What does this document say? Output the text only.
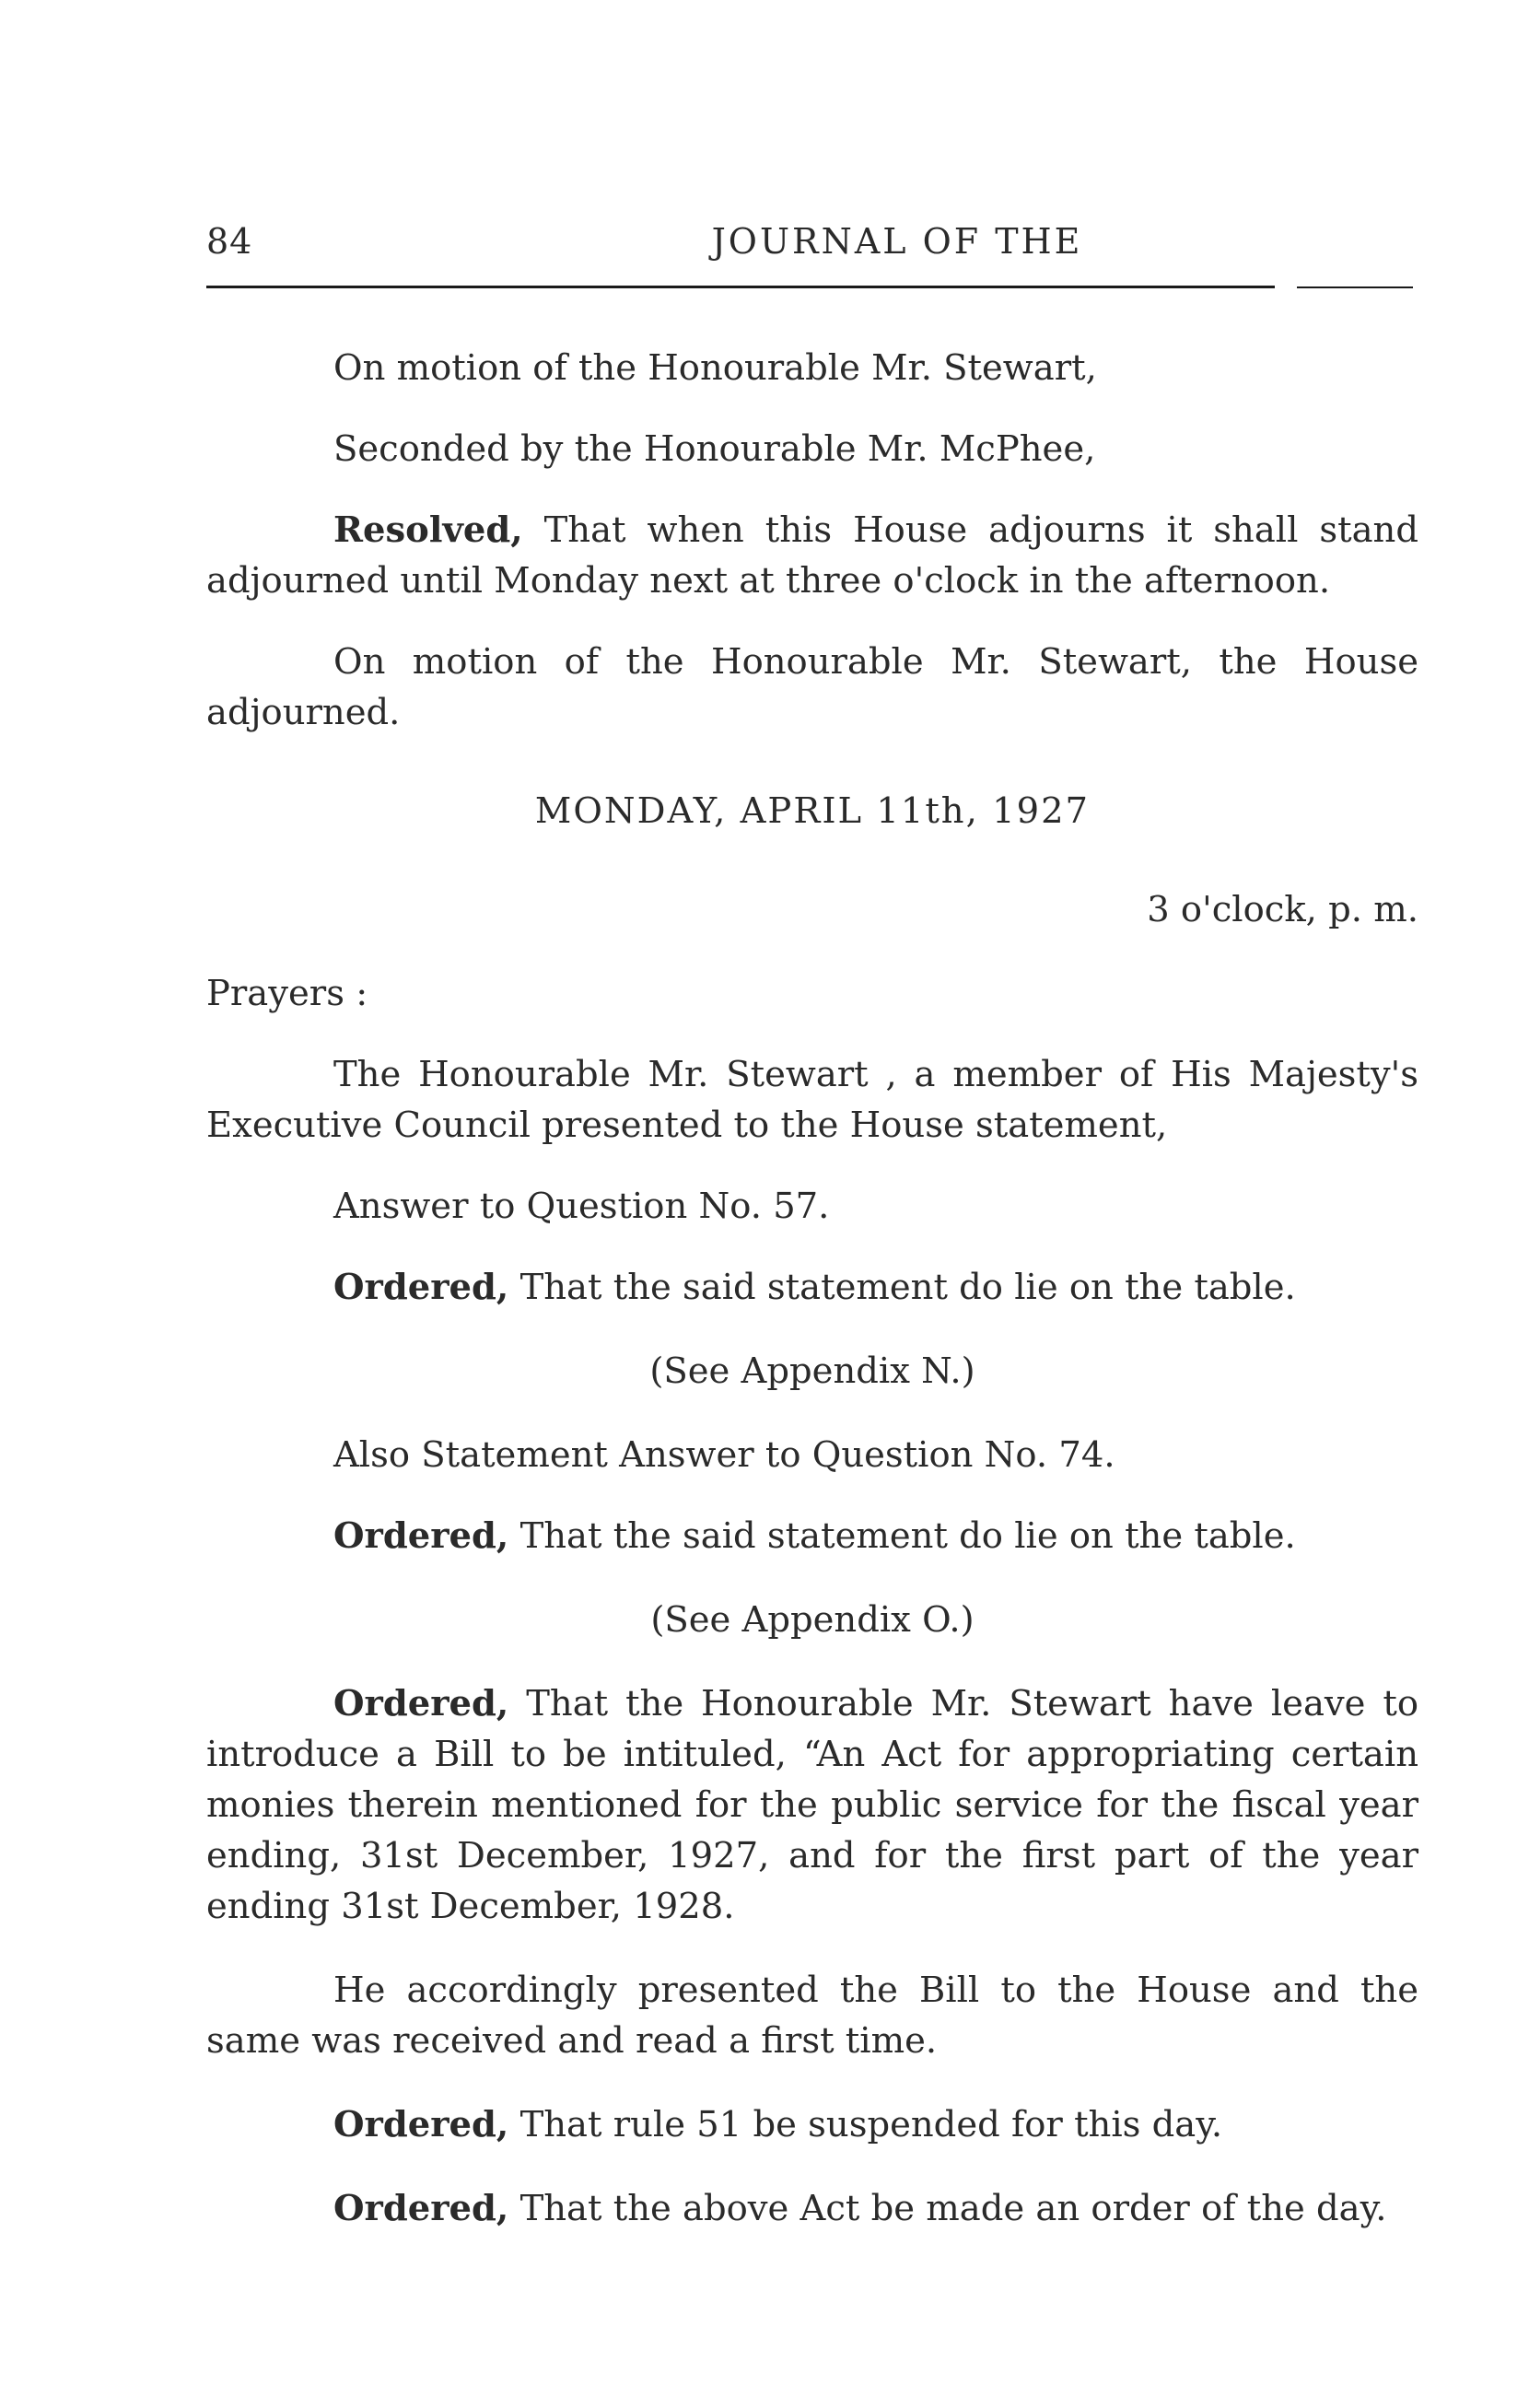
84	JOURNAL OF THE

On motion of the Honourable Mr. Stewart,

Seconded by the Honourable Mr. McPhee,

Resolved, That when this House adjourns it shall stand adjourned until Monday next at three o'clock in the afternoon.

On motion of the Honourable Mr. Stewart, the House adjourned.

MONDAY, APRIL 11th, 1927

3 o'clock, p. m.

Prayers :

The Honourable Mr. Stewart , a member of His Majesty's Executive Council presented to the House statement,

Answer to Question No. 57.

Ordered, That the said statement do lie on the table.

(See Appendix N.)

Also Statement Answer to Question No. 74.

Ordered, That the said statement do lie on the table.

(See Appendix O.)

Ordered, That the Honourable Mr. Stewart have leave to introduce a Bill to be intituled, “An Act for appropriating certain monies therein mentioned for the public service for the fiscal year ending, 31st December, 1927, and for the first part of the year ending 31st December, 1928.

He accordingly presented the Bill to the House and the same was received and read a first time.

Ordered, That rule 51 be suspended for this day.

Ordered, That the above Act be made an order of the day.
